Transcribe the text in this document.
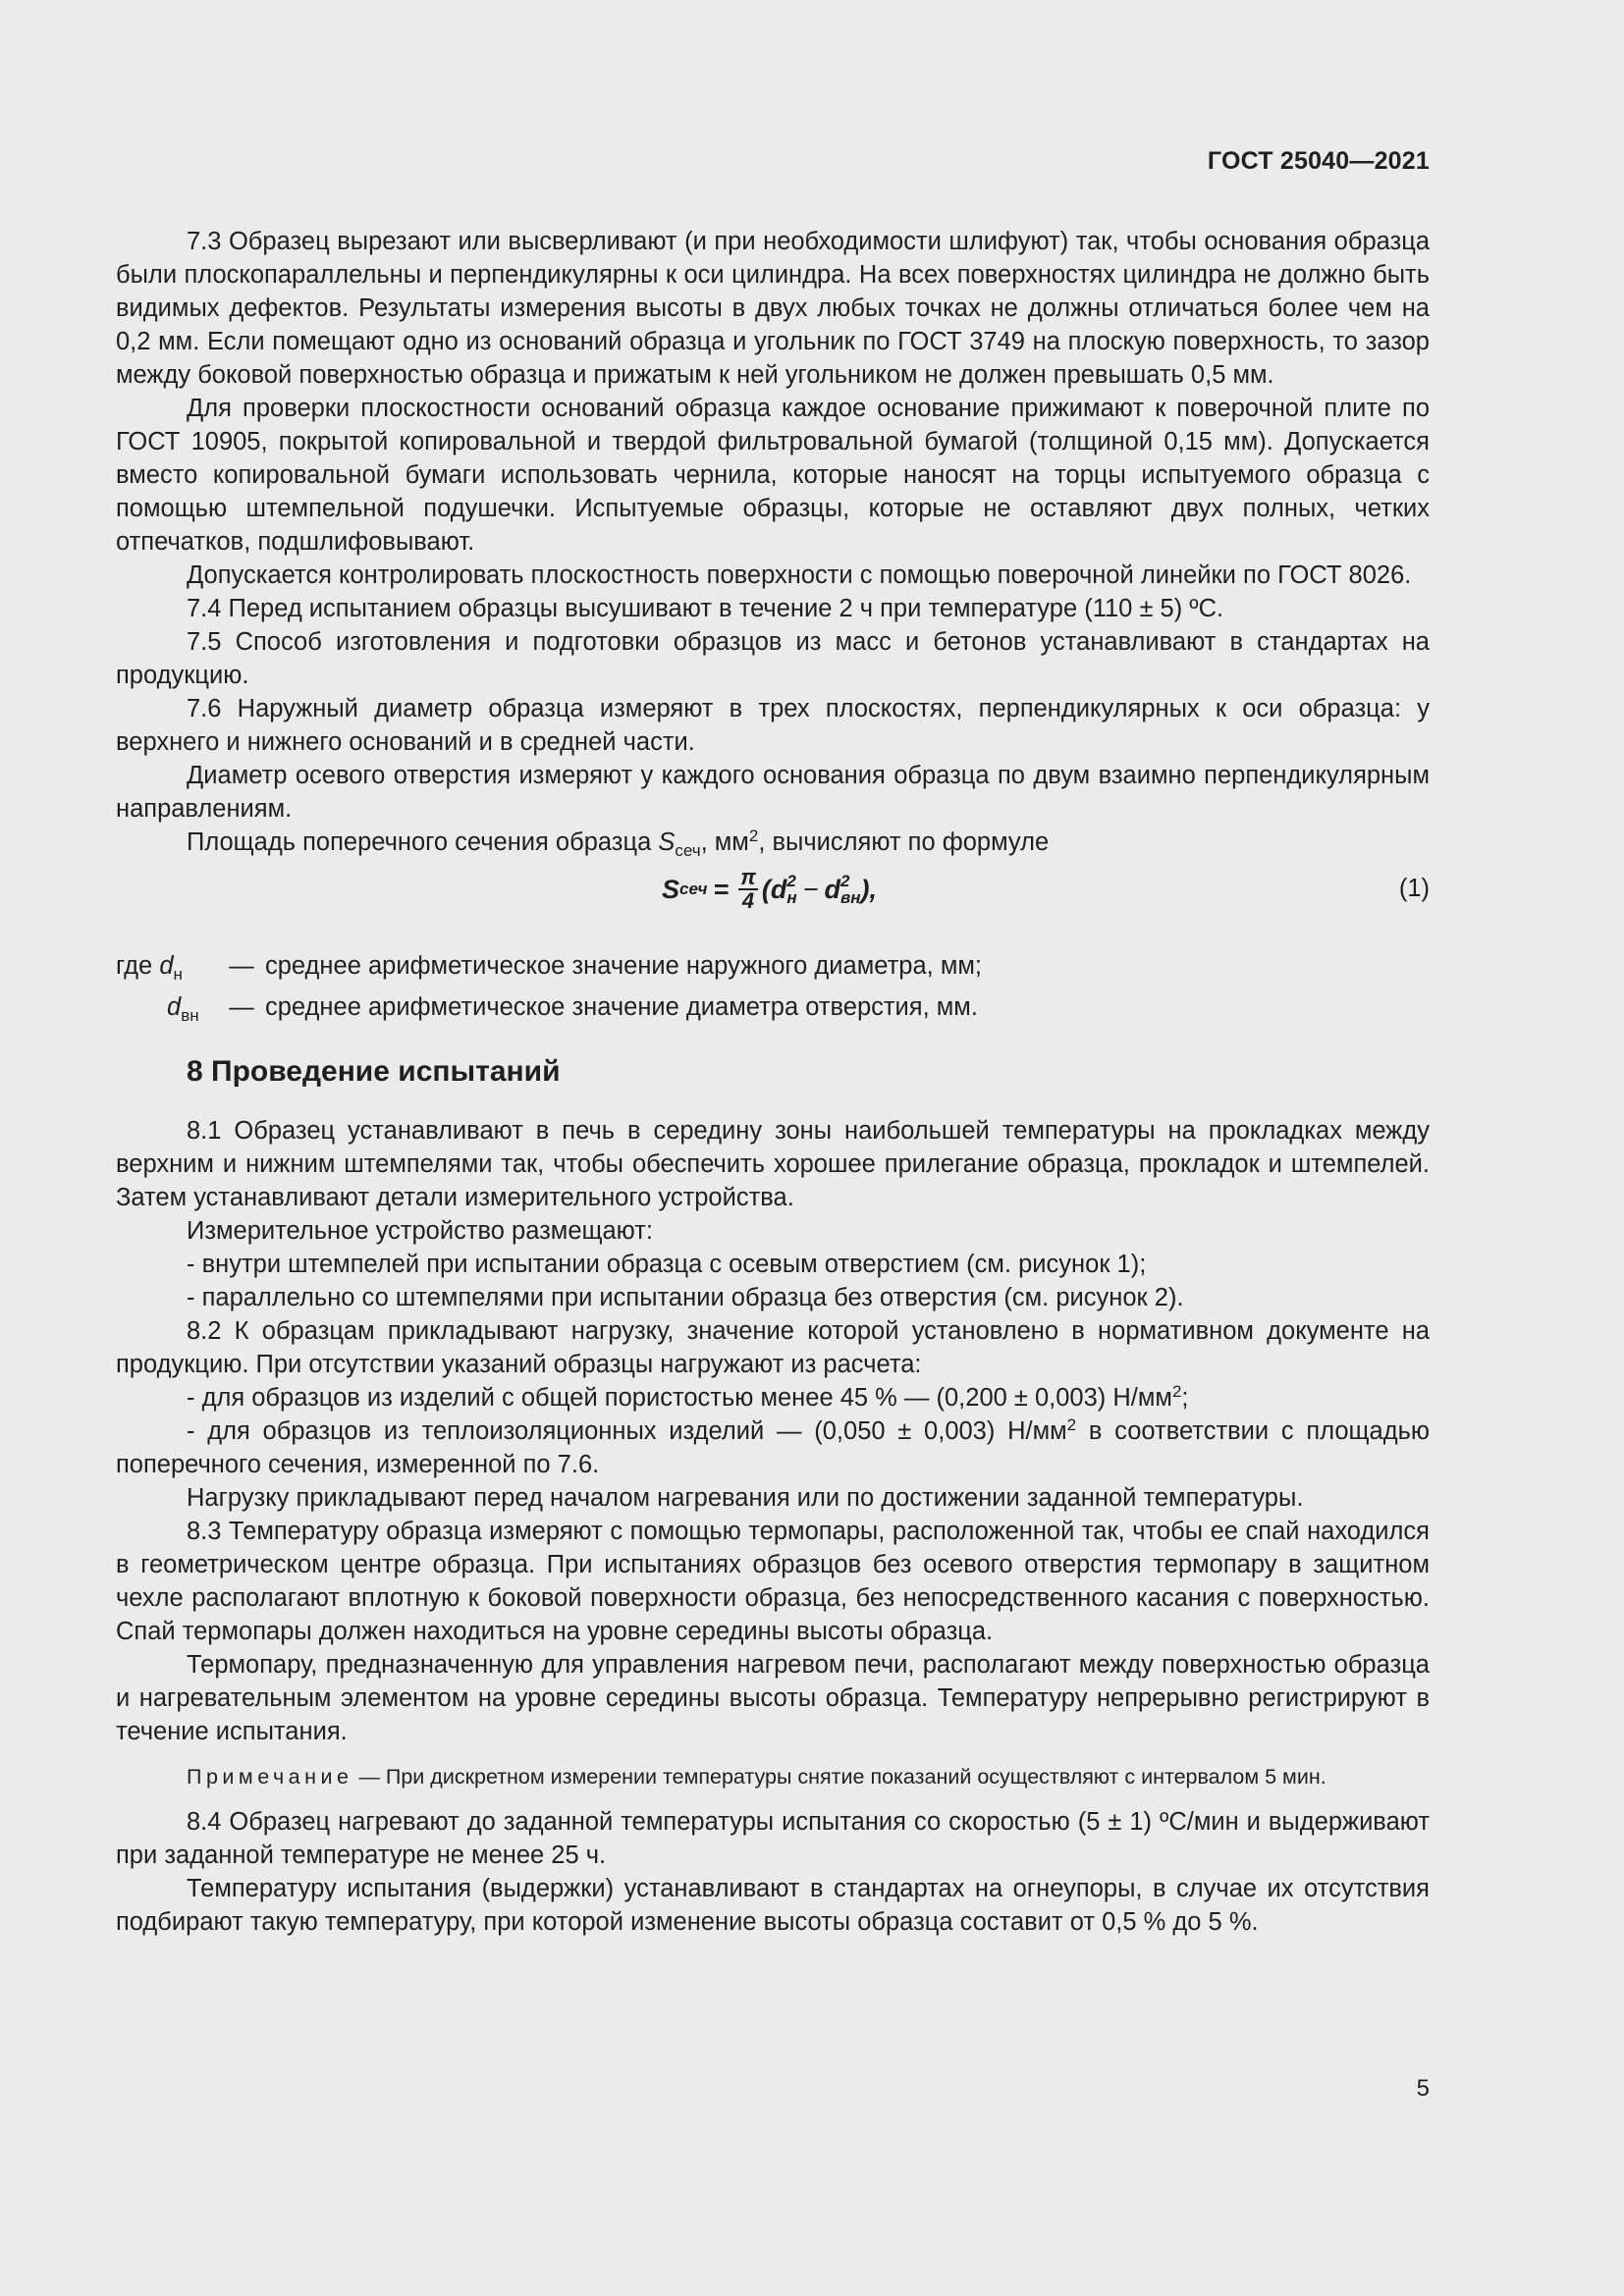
ГОСТ 25040—2021

7.3 Образец вырезают или высверливают (и при необходимости шлифуют) так, чтобы основания образца были плоскопараллельны и перпендикулярны к оси цилиндра. На всех поверхностях цилиндра не должно быть видимых дефектов. Результаты измерения высоты в двух любых точках не должны отличаться более чем на 0,2 мм. Если помещают одно из оснований образца и угольник по ГОСТ 3749 на плоскую поверхность, то зазор между боковой поверхностью образца и прижатым к ней угольником не должен превышать 0,5 мм.

Для проверки плоскостности оснований образца каждое основание прижимают к поверочной плите по ГОСТ 10905, покрытой копировальной и твердой фильтровальной бумагой (толщиной 0,15 мм). Допускается вместо копировальной бумаги использовать чернила, которые наносят на торцы испытуемого образца с помощью штемпельной подушечки. Испытуемые образцы, которые не оставляют двух полных, четких отпечатков, подшлифовывают.

Допускается контролировать плоскостность поверхности с помощью поверочной линейки по ГОСТ 8026.

7.4 Перед испытанием образцы высушивают в течение 2 ч при температуре (110 ± 5) ºС.

7.5 Способ изготовления и подготовки образцов из масс и бетонов устанавливают в стандартах на продукцию.

7.6 Наружный диаметр образца измеряют в трех плоскостях, перпендикулярных к оси образца: у верхнего и нижнего оснований и в средней части.

Диаметр осевого отверстия измеряют у каждого основания образца по двум взаимно перпендикулярным направлениям.

Площадь поперечного сечения образца $S_{сеч}$, $мм^2$, вычисляют по формуле

S сеч = $\frac{\pi}{4}$ ( d 2
н − d 2
вн ),	(1)
где $d_н$	— среднее арифметическое значение наружного диаметра, мм;
$d_{вн}$	— среднее арифметическое значение диаметра отверстия, мм.
8 Проведение испытаний

8.1 Образец устанавливают в печь в середину зоны наибольшей температуры на прокладках между верхним и нижним штемпелями так, чтобы обеспечить хорошее прилегание образца, прокладок и штемпелей. Затем устанавливают детали измерительного устройства.

Измерительное устройство размещают:

- внутри штемпелей при испытании образца с осевым отверстием (см. рисунок 1);

- параллельно со штемпелями при испытании образца без отверстия (см. рисунок 2).

8.2 К образцам прикладывают нагрузку, значение которой установлено в нормативном документе на продукцию. При отсутствии указаний образцы нагружают из расчета:

- для образцов из изделий с общей пористостью менее 45 % — (0,200 ± 0,003) $Н/мм^2$;

- для образцов из теплоизоляционных изделий — (0,050 ± 0,003) $Н/мм^2$ в соответствии с площадью поперечного сечения, измеренной по 7.6.

Нагрузку прикладывают перед началом нагревания или по достижении заданной температуры.

8.3 Температуру образца измеряют с помощью термопары, расположенной так, чтобы ее спай находился в геометрическом центре образца. При испытаниях образцов без осевого отверстия термопару в защитном чехле располагают вплотную к боковой поверхности образца, без непосредственного касания с поверхностью. Спай термопары должен находиться на уровне середины высоты образца.

Термопару, предназначенную для управления нагревом печи, располагают между поверхностью образца и нагревательным элементом на уровне середины высоты образца. Температуру непрерывно регистрируют в течение испытания.

Примечание — При дискретном измерении температуры снятие показаний осуществляют с интервалом 5 мин.

8.4 Образец нагревают до заданной температуры испытания со скоростью (5 ± 1) ºС/мин и выдерживают при заданной температуре не менее 25 ч.

Температуру испытания (выдержки) устанавливают в стандартах на огнеупоры, в случае их отсутствия подбирают такую температуру, при которой изменение высоты образца составит от 0,5 % до 5 %.

5
